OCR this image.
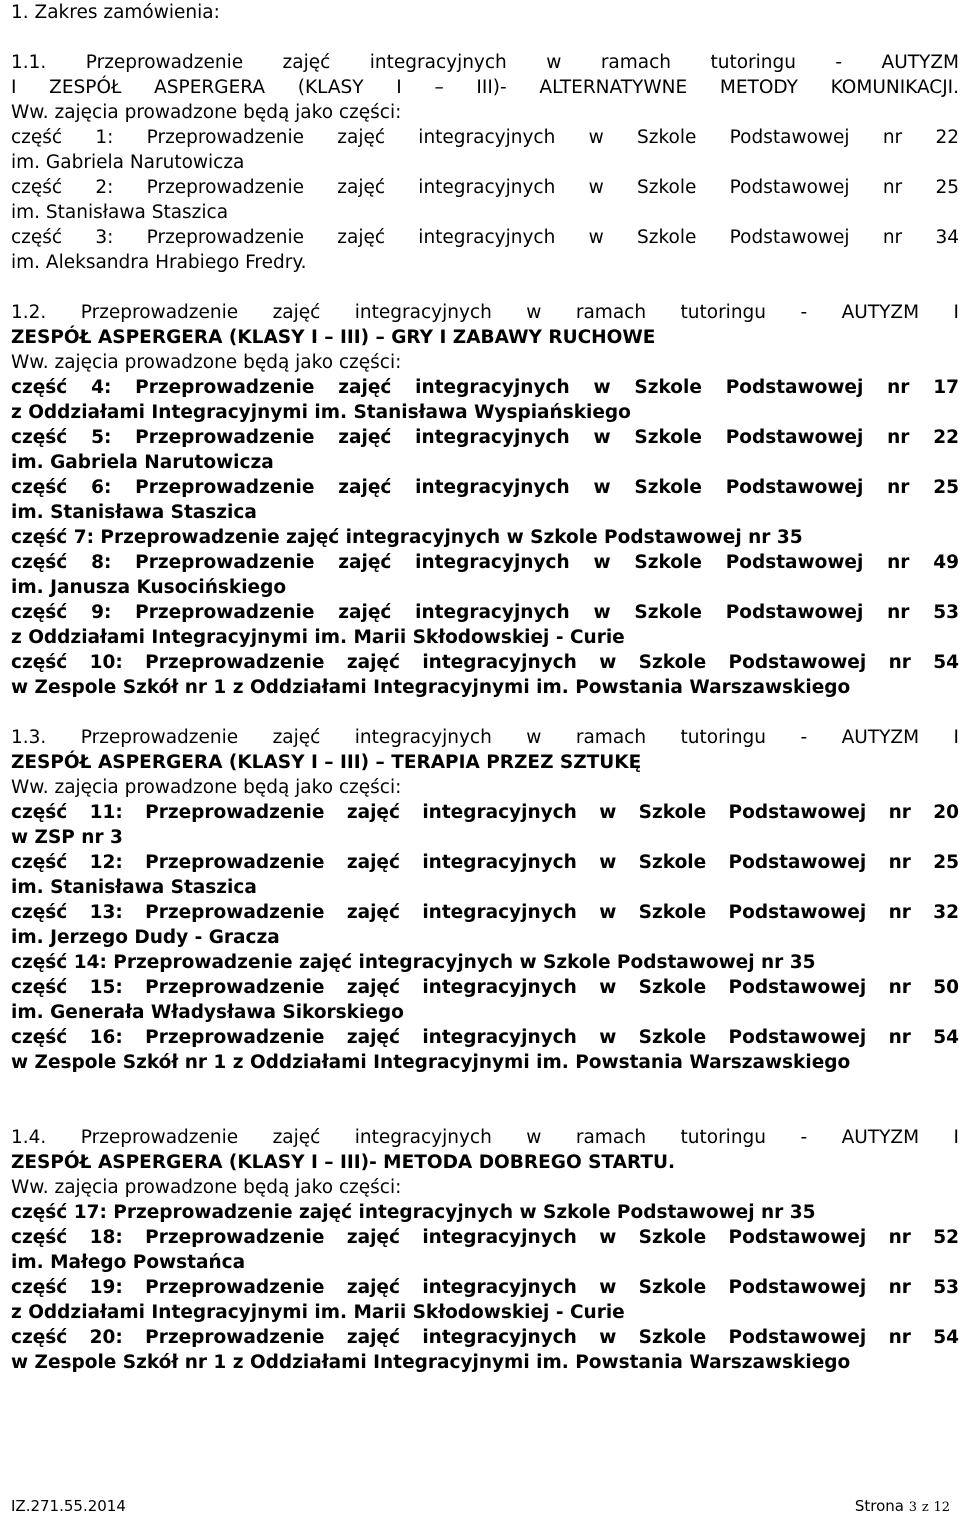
1. Zakres zamówienia:
1.1. Przeprowadzenie zajęć integracyjnych w ramach tutoringu - AUTYZM
I ZESPÓŁ ASPERGERA (KLASY I – III)- ALTERNATYWNE METODY KOMUNIKACJI.
Ww. zajęcia prowadzone będą jako części:
część 1: Przeprowadzenie zajęć integracyjnych w Szkole Podstawowej nr 22
im. Gabriela Narutowicza
część 2: Przeprowadzenie zajęć integracyjnych w Szkole Podstawowej nr 25
im. Stanisława Staszica
część 3: Przeprowadzenie zajęć integracyjnych w Szkole Podstawowej nr 34
im. Aleksandra Hrabiego Fredry.
1.2. Przeprowadzenie zajęć integracyjnych w ramach tutoringu - AUTYZM I
ZESPÓŁ ASPERGERA (KLASY I – III) – GRY I ZABAWY RUCHOWE
Ww. zajęcia prowadzone będą jako części:
część 4: Przeprowadzenie zajęć integracyjnych w Szkole Podstawowej nr 17
z Oddziałami Integracyjnymi im. Stanisława Wyspiańskiego
część 5: Przeprowadzenie zajęć integracyjnych w Szkole Podstawowej nr 22
im. Gabriela Narutowicza
część 6: Przeprowadzenie zajęć integracyjnych w Szkole Podstawowej nr 25
im. Stanisława Staszica
część 7: Przeprowadzenie zajęć integracyjnych w Szkole Podstawowej nr 35
część 8: Przeprowadzenie zajęć integracyjnych w Szkole Podstawowej nr 49
im. Janusza Kusocińskiego
część 9: Przeprowadzenie zajęć integracyjnych w Szkole Podstawowej nr 53
z Oddziałami Integracyjnymi im. Marii Skłodowskiej - Curie
część 10: Przeprowadzenie zajęć integracyjnych w Szkole Podstawowej nr 54
w Zespole Szkół nr 1 z Oddziałami Integracyjnymi im. Powstania Warszawskiego
1.3. Przeprowadzenie zajęć integracyjnych w ramach tutoringu - AUTYZM I
ZESPÓŁ ASPERGERA (KLASY I – III) – TERAPIA PRZEZ SZTUKĘ
Ww. zajęcia prowadzone będą jako części:
część 11: Przeprowadzenie zajęć integracyjnych w Szkole Podstawowej nr 20
w ZSP nr 3
część 12: Przeprowadzenie zajęć integracyjnych w Szkole Podstawowej nr 25
im. Stanisława Staszica
część 13: Przeprowadzenie zajęć integracyjnych w Szkole Podstawowej nr 32
im. Jerzego Dudy - Gracza
część 14: Przeprowadzenie zajęć integracyjnych w Szkole Podstawowej nr 35
część 15: Przeprowadzenie zajęć integracyjnych w Szkole Podstawowej nr 50
im. Generała Władysława Sikorskiego
część 16: Przeprowadzenie zajęć integracyjnych w Szkole Podstawowej nr 54
w Zespole Szkół nr 1 z Oddziałami Integracyjnymi im. Powstania Warszawskiego
1.4. Przeprowadzenie zajęć integracyjnych w ramach tutoringu - AUTYZM I
ZESPÓŁ ASPERGERA (KLASY I – III)- METODA DOBREGO STARTU.
Ww. zajęcia prowadzone będą jako części:
część 17: Przeprowadzenie zajęć integracyjnych w Szkole Podstawowej nr 35
część 18: Przeprowadzenie zajęć integracyjnych w Szkole Podstawowej nr 52
im. Małego Powstańca
część 19: Przeprowadzenie zajęć integracyjnych w Szkole Podstawowej nr 53
z Oddziałami Integracyjnymi im. Marii Skłodowskiej - Curie
część 20: Przeprowadzenie zajęć integracyjnych w Szkole Podstawowej nr 54
w Zespole Szkół nr 1 z Oddziałami Integracyjnymi im. Powstania Warszawskiego
IZ.271.55.2014	Strona 3 z 12
